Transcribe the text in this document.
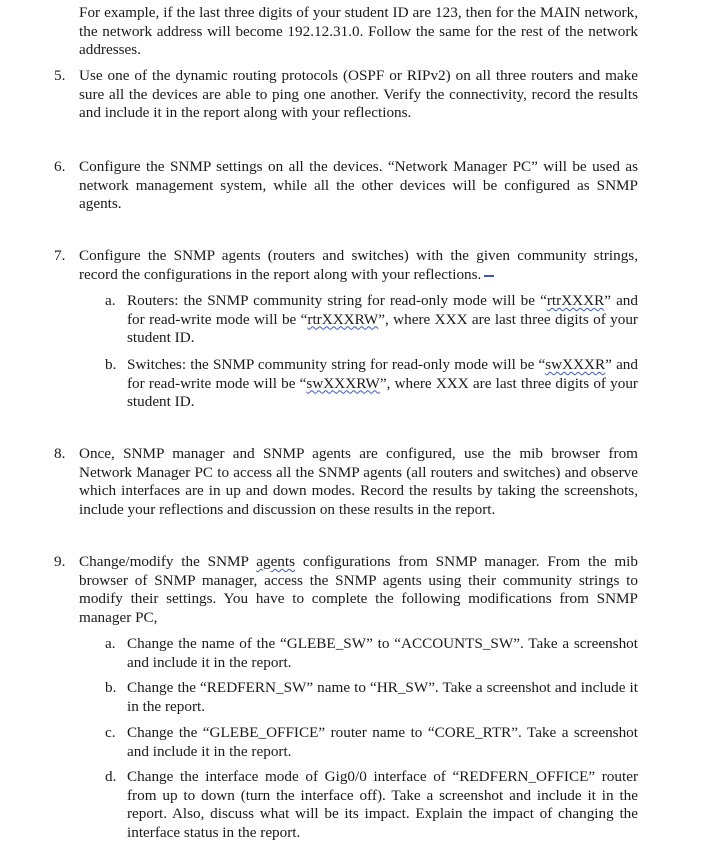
For example, if the last three digits of your student ID are 123, then for the MAIN network, the network address will become 192.12.31.0. Follow the same for the rest of the network addresses.

5. Use one of the dynamic routing protocols (OSPF or RIPv2) on all three routers and make sure all the devices are able to ping one another. Verify the connectivity, record the results and include it in the report along with your reflections.

6. Configure the SNMP settings on all the devices. “Network Manager PC” will be used as network management system, while all the other devices will be configured as SNMP agents.

7. Configure the SNMP agents (routers and switches) with the given community strings, record the configurations in the report along with your reflections.

a. Routers: the SNMP community string for read-only mode will be “rtrXXXR” and for read-write mode will be “rtrXXXRW”, where XXX are last three digits of your student ID.

b. Switches: the SNMP community string for read-only mode will be “swXXXR” and for read-write mode will be “swXXXRW”, where XXX are last three digits of your student ID.

8. Once, SNMP manager and SNMP agents are configured, use the mib browser from Network Manager PC to access all the SNMP agents (all routers and switches) and observe which interfaces are in up and down modes. Record the results by taking the screenshots, include your reflections and discussion on these results in the report.

9. Change/modify the SNMP agents configurations from SNMP manager. From the mib browser of SNMP manager, access the SNMP agents using their community strings to modify their settings. You have to complete the following modifications from SNMP manager PC,

a. Change the name of the “GLEBE_SW” to “ACCOUNTS_SW”. Take a screenshot and include it in the report.

b. Change the “REDFERN_SW” name to “HR_SW”. Take a screenshot and include it in the report.

c. Change the “GLEBE_OFFICE” router name to “CORE_RTR”. Take a screenshot and include it in the report.

d. Change the interface mode of Gig0/0 interface of “REDFERN_OFFICE” router from up to down (turn the interface off). Take a screenshot and include it in the report. Also, discuss what will be its impact. Explain the impact of changing the interface status in the report.
